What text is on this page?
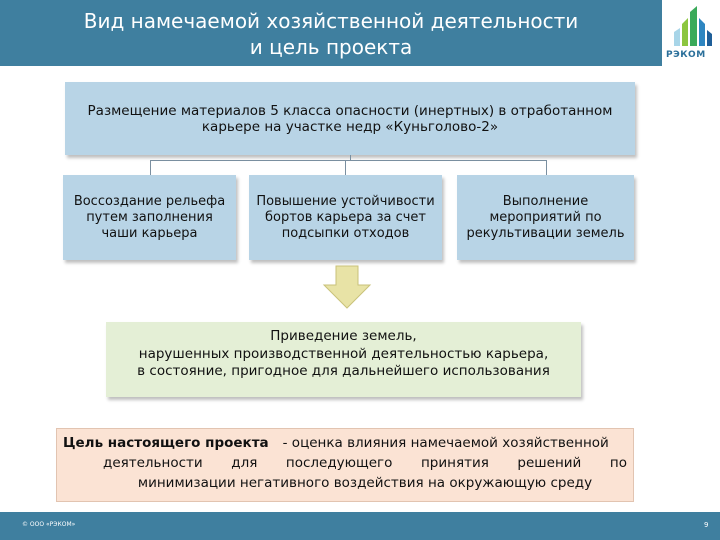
Вид намечаемой хозяйственной деятельности
и цель проекта	РЭКОМ
Размещение материалов 5 класса опасности (инертных) в отработанном карьере на участке недр «Куньголово-2»
Воссоздание рельефа путем заполнения чаши карьера
Повышение устойчивости бортов карьера за счет подсыпки отходов
Выполнение мероприятий по рекультивации земель
Приведение земель,
нарушенных производственной деятельностью карьера,
в состояние, пригодное для дальнейшего использования
Цель настоящего проекта - оценка влияния намечаемой хозяйственной
деятельности для последующего принятия решений по
минимизации негативного воздействия на окружающую среду
© ООО «РЭКОМ»	9
